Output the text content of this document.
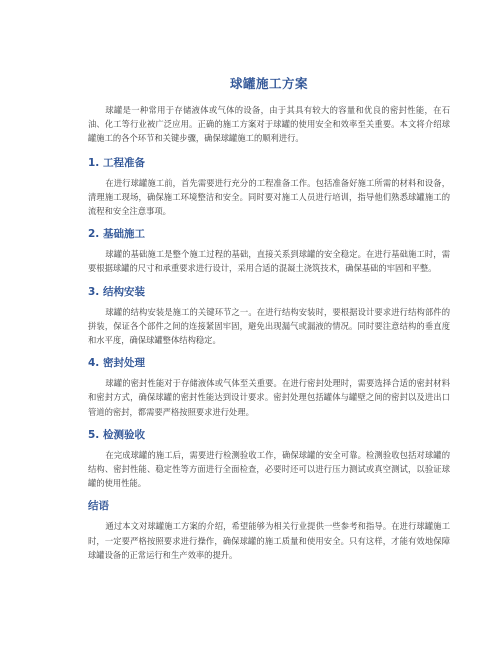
球罐施工方案

球罐是一种常用于存储液体或气体的设备，由于其具有较大的容量和优良的密封性能，在石油、化工等行业被广泛应用。正确的施工方案对于球罐的使用安全和效率至关重要。本文将介绍球罐施工的各个环节和关键步骤，确保球罐施工的顺利进行。

1. 工程准备

在进行球罐施工前，首先需要进行充分的工程准备工作。包括准备好施工所需的材料和设备，清理施工现场，确保施工环境整洁和安全。同时要对施工人员进行培训，指导他们熟悉球罐施工的流程和安全注意事项。

2. 基础施工

球罐的基础施工是整个施工过程的基础，直接关系到球罐的安全稳定。在进行基础施工时，需要根据球罐的尺寸和承重要求进行设计，采用合适的混凝土浇筑技术，确保基础的牢固和平整。

3. 结构安装

球罐的结构安装是施工的关键环节之一。在进行结构安装时，要根据设计要求进行结构部件的拼装，保证各个部件之间的连接紧固牢固，避免出现漏气或漏液的情况。同时要注意结构的垂直度和水平度，确保球罐整体结构稳定。

4. 密封处理

球罐的密封性能对于存储液体或气体至关重要。在进行密封处理时，需要选择合适的密封材料和密封方式，确保球罐的密封性能达到设计要求。密封处理包括罐体与罐壁之间的密封以及进出口管道的密封，都需要严格按照要求进行处理。

5. 检测验收

在完成球罐的施工后，需要进行检测验收工作，确保球罐的安全可靠。检测验收包括对球罐的结构、密封性能、稳定性等方面进行全面检查，必要时还可以进行压力测试或真空测试，以验证球罐的使用性能。

结语

通过本文对球罐施工方案的介绍，希望能够为相关行业提供一些参考和指导。在进行球罐施工时，一定要严格按照要求进行操作，确保球罐的施工质量和使用安全。只有这样，才能有效地保障球罐设备的正常运行和生产效率的提升。
